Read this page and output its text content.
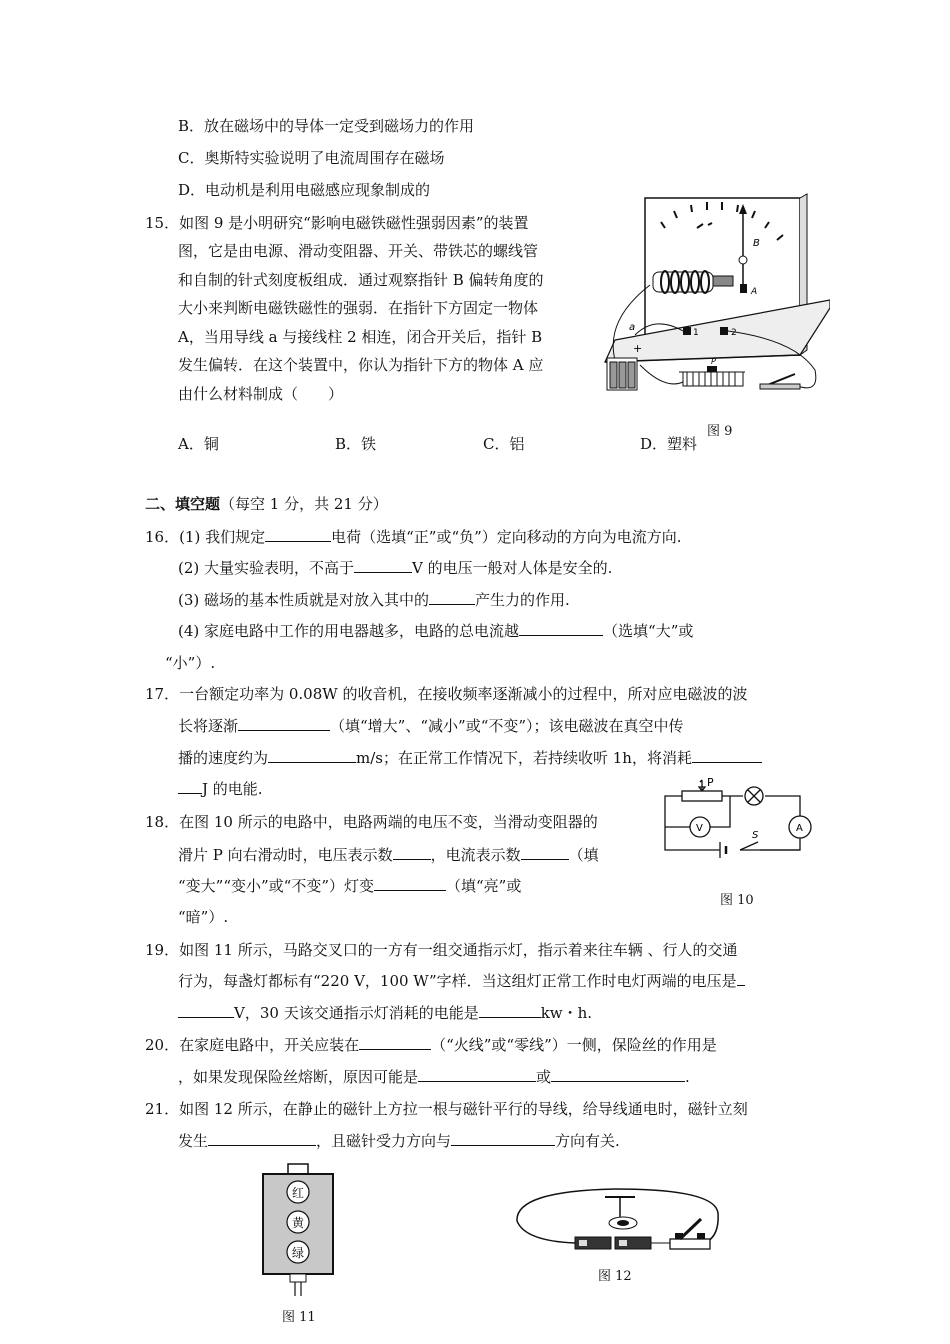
B．放在磁场中的导体一定受到磁场力的作用
C．奥斯特实验说明了电流周围存在磁场
D．电动机是利用电磁感应现象制成的
15．如图 9 是小明研究“影响电磁铁磁性强弱因素”的装置
图，它是由电源、滑动变阻器、开关、带铁芯的螺线管
和自制的针式刻度板组成．通过观察指针 B 偏转角度的
大小来判断电磁铁磁性的强弱．在指针下方固定一物体
A，当用导线 a 与接线柱 2 相连，闭合开关后，指针 B
发生偏转．在这个装置中，你认为指针下方的物体 A 应
由什么材料制成（　　）
A．铜	B．铁	C．铝	D．塑料
B
A
1	2
a
+
P
图 9
二、填空题（每空 1 分，共 21 分）
16．(1) 我们规定	电荷（选填“正”或“负”）定向移动的方向为电流方向.
(2) 大量实验表明，不高于	V 的电压一般对人体是安全的.
(3) 磁场的基本性质就是对放入其中的	产生力的作用.
(4) 家庭电路中工作的用电器越多，电路的总电流越	（选填“大”或
“小”）.
17．一台额定功率为 0.08W 的收音机，在接收频率逐渐减小的过程中，所对应电磁波的波
长将逐渐	（填“增大”、“减小”或“不变”）；该电磁波在真空中传
播的速度约为	m/s；在正常工作情况下，若持续收听 1h，将消耗
J 的电能.
18．在图 10 所示的电路中，电路两端的电压不变，当滑动变阻器的
滑片 P 向右滑动时，电压表示数	，电流表示数	（填
“变大”“变小”或“不变”）灯变	（填“亮”或
“暗”）.
P
V	A
S
图 10
19．如图 11 所示，马路交叉口的一方有一组交通指示灯，指示着来往车辆 、行人的交通
行为，每盏灯都标有“220 V，100 W”字样．当这组灯正常工作时电灯两端的电压是
V，30 天该交通指示灯消耗的电能是	kw・h.
20．在家庭电路中，开关应装在	（“火线”或“零线”）一侧，保险丝的作用是
，如果发现保险丝熔断，原因可能是	或	.
21．如图 12 所示，在静止的磁针上方拉一根与磁针平行的导线，给导线通电时，磁针立刻
发生	，且磁针受力方向与	方向有关.
红
黄
绿
图 11
图 12
